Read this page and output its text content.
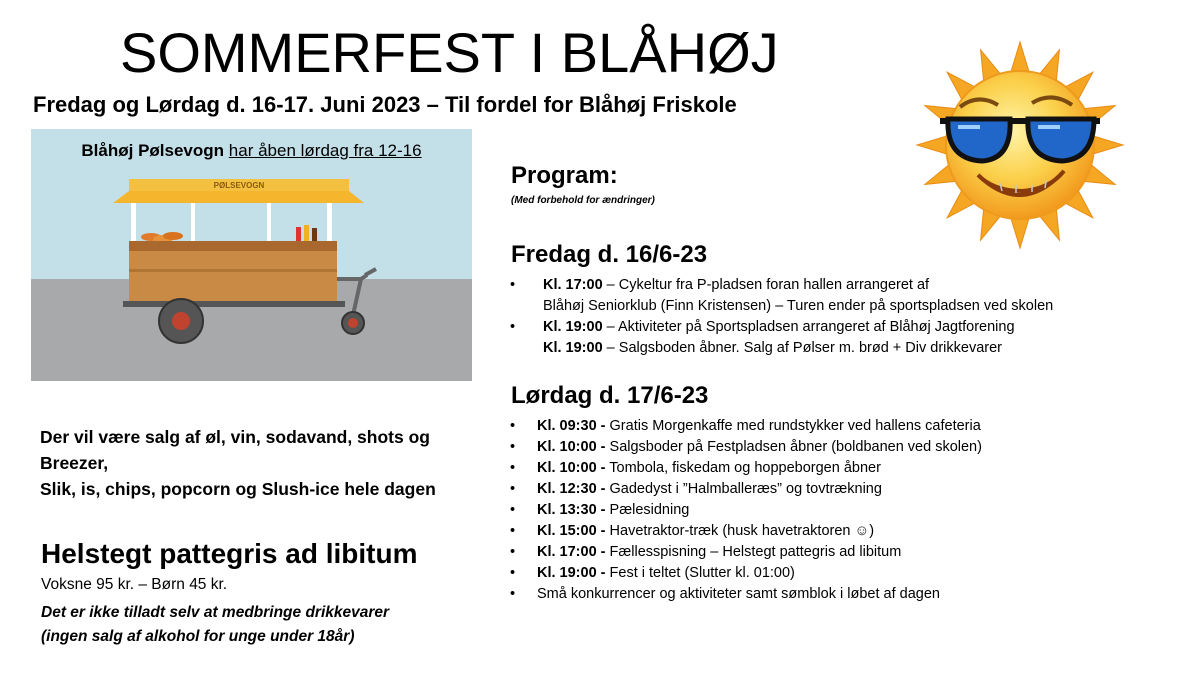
SOMMERFEST I BLÅHØJ
Fredag og Lørdag d. 16-17. Juni 2023 – Til fordel for Blåhøj Friskole
PØLSEVOGN
Blåhøj Pølsevogn har åben lørdag fra 12-16
Der vil være salg af øl, vin, sodavand, shots og Breezer,
Slik, is, chips, popcorn og Slush-ice hele dagen
Helstegt pattegris ad libitum
Voksne 95 kr. – Børn 45 kr.
Det er ikke tilladt selv at medbringe drikkevarer
(ingen salg af alkohol for unge under 18år)
Program:
(Med forbehold for ændringer)
Fredag d. 16/6-23
• Kl. 17:00 – Cykeltur fra P-pladsen foran hallen arrangeret af
Blåhøj Seniorklub (Finn Kristensen) – Turen ender på sportspladsen ved skolen
• Kl. 19:00 – Aktiviteter på Sportspladsen arrangeret af Blåhøj Jagtforening
Kl. 19:00 – Salgsboden åbner. Salg af Pølser m. brød + Div drikkevarer
Lørdag d. 17/6-23
• Kl. 09:30 - Gratis Morgenkaffe med rundstykker ved hallens cafeteria
• Kl. 10:00 - Salgsboder på Festpladsen åbner (boldbanen ved skolen)
• Kl. 10:00 - Tombola, fiskedam og hoppeborgen åbner
• Kl. 12:30 - Gadedyst i ”Halmballeræs” og tovtrækning
• Kl. 13:30 - Pælesidning
• Kl. 15:00 - Havetraktor-træk (husk havetraktoren ☺)
• Kl. 17:00 - Fællesspisning – Helstegt pattegris ad libitum
• Kl. 19:00 - Fest i teltet (Slutter kl. 01:00)
• Små konkurrencer og aktiviteter samt sømblok i løbet af dagen
